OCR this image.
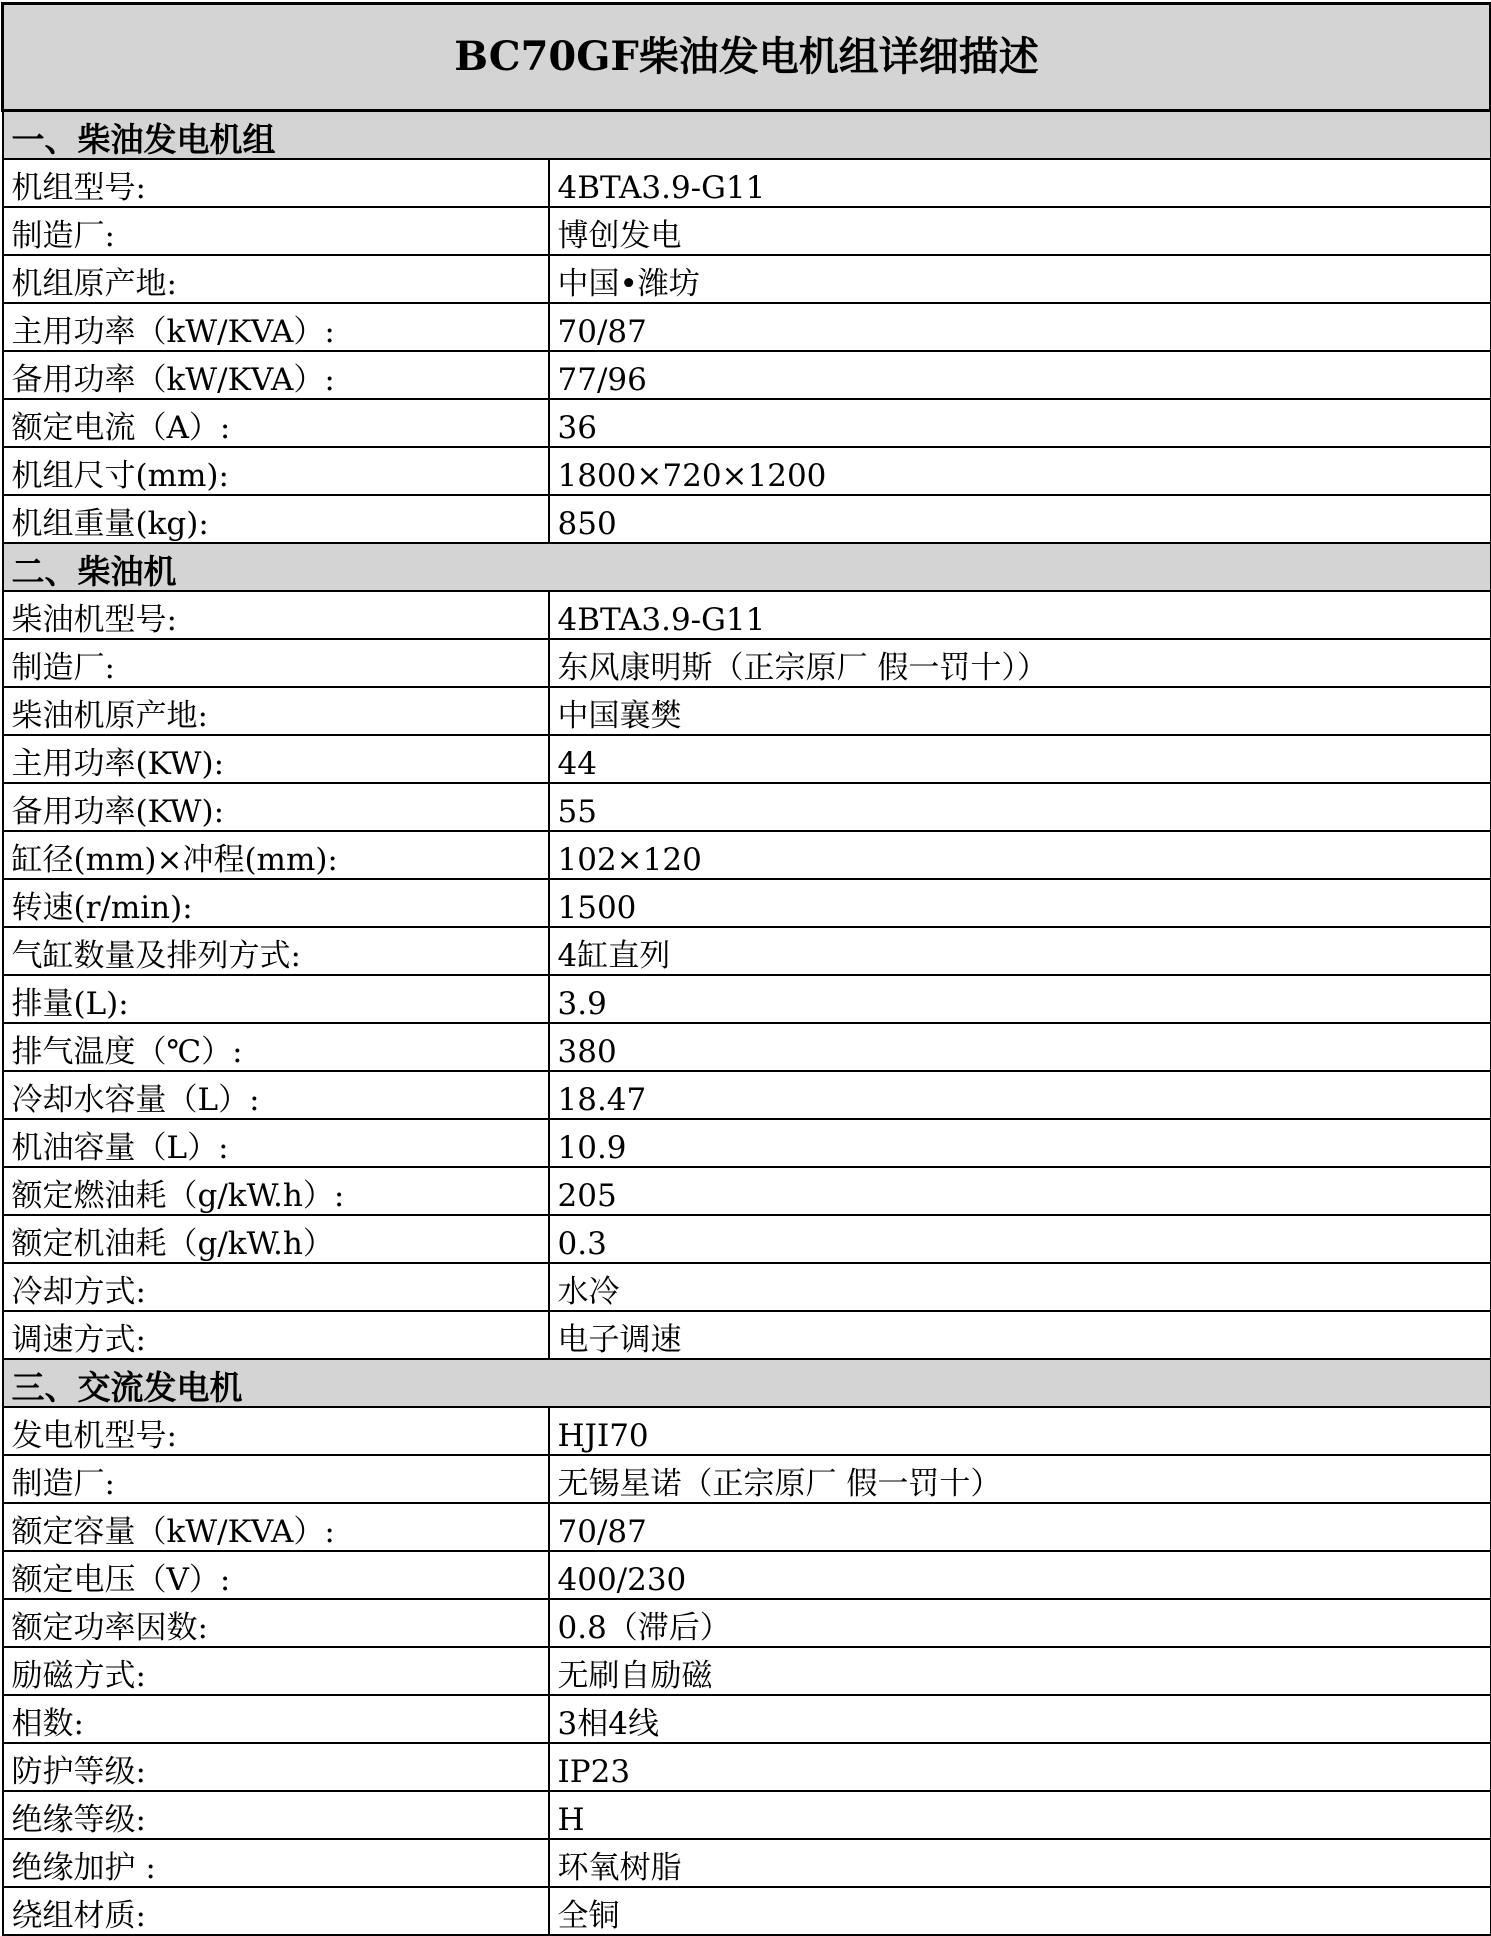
BC70GF柴油发电机组详细描述	
一、柴油发电机组	
机组型号:	4BTA3.9-G11
制造厂:	博创发电
机组原产地:	中国•潍坊
主用功率（kW/KVA）:	70/87
备用功率（kW/KVA）:	77/96
额定电流（A）:	36
机组尺寸(mm):	1800×720×1200
机组重量(kg):	850
二、柴油机	
柴油机型号:	4BTA3.9-G11
制造厂:	东风康明斯（正宗原厂 假一罚十））
柴油机原产地:	中国襄樊
主用功率(KW):	44
备用功率(KW):	55
缸径(mm)×冲程(mm):	102×120
转速(r/min):	1500
气缸数量及排列方式:	4缸直列
排量(L):	3.9
排气温度（℃）:	380
冷却水容量（L）:	18.47
机油容量（L）:	10.9
额定燃油耗（g/kW.h）:	205
额定机油耗（g/kW.h）	0.3
冷却方式:	水冷
调速方式:	电子调速
三、交流发电机	
发电机型号:	HJI70
制造厂:	无锡星诺（正宗原厂 假一罚十）
额定容量（kW/KVA）:	70/87
额定电压（V）:	400/230
额定功率因数:	0.8（滞后）
励磁方式:	无刷自励磁
相数:	3相4线
防护等级:	IP23
绝缘等级:	H
绝缘加护 :	环氧树脂
绕组材质:	全铜
